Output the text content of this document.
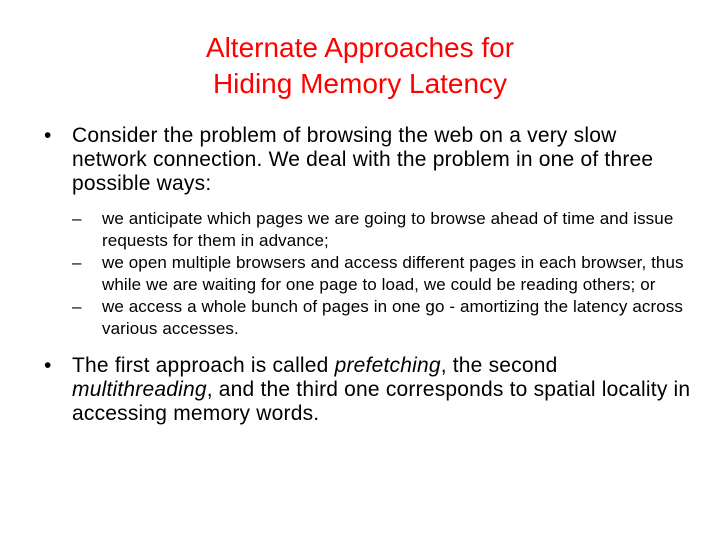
Alternate Approaches for
Hiding Memory Latency
• Consider the problem of browsing the web on a very slow network connection. We deal with the problem in one of three possible ways:
– we anticipate which pages we are going to browse ahead of time and issue requests for them in advance;
– we open multiple browsers and access different pages in each browser, thus while we are waiting for one page to load, we could be reading others; or
– we access a whole bunch of pages in one go - amortizing the latency across various accesses.
• The first approach is called prefetching, the second multithreading, and the third one corresponds to spatial locality in accessing memory words.
